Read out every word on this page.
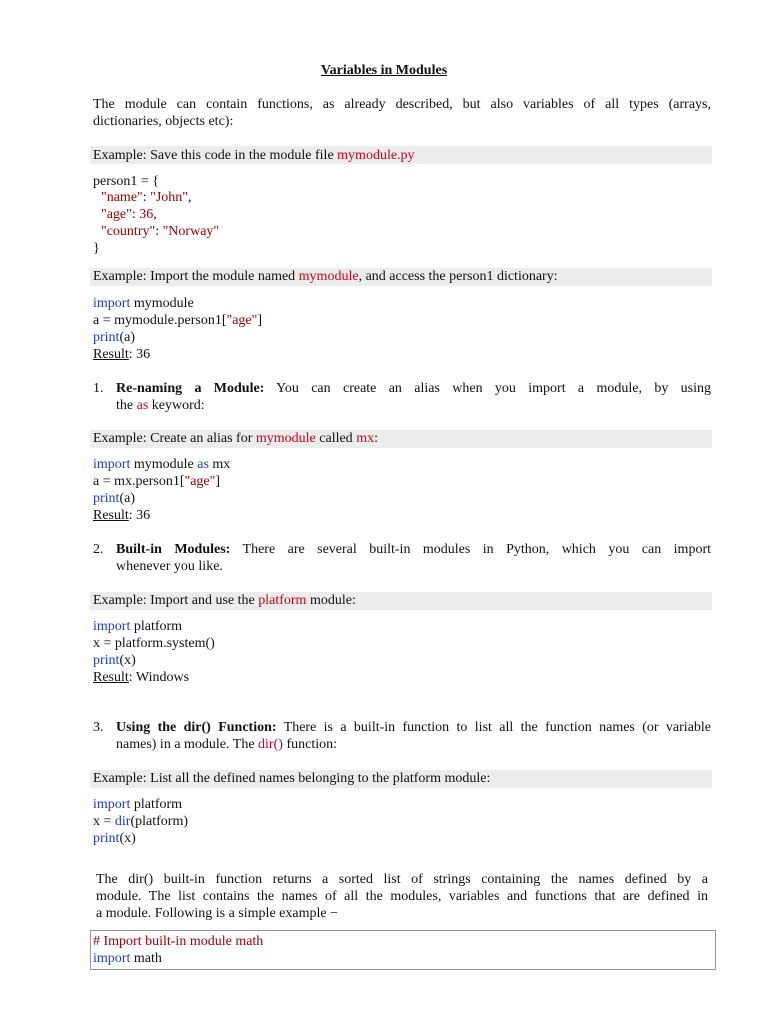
Variables in Modules
The module can contain functions, as already described, but also variables of all types (arrays,
dictionaries, objects etc):
Example: Save this code in the module file mymodule.py
person1 = {
"name": "John",
"age": 36,
"country": "Norway"
}
Example: Import the module named mymodule, and access the person1 dictionary:
import mymodule
a = mymodule.person1["age"]
print(a)
Result: 36
1. Re-naming a Module: You can create an alias when you import a module, by using
the as keyword:
Example: Create an alias for mymodule called mx:
import mymodule as mx
a = mx.person1["age"]
print(a)
Result: 36
2. Built-in Modules: There are several built-in modules in Python, which you can import
whenever you like.
Example: Import and use the platform module:
import platform
x = platform.system()
print(x)
Result: Windows
3. Using the dir() Function: There is a built-in function to list all the function names (or variable
names) in a module. The dir() function:
Example: List all the defined names belonging to the platform module:
import platform
x = dir(platform)
print(x)
The dir() built-in function returns a sorted list of strings containing the names defined by a
module. The list contains the names of all the modules, variables and functions that are defined in
a module. Following is a simple example −
# Import built-in module math
import math
